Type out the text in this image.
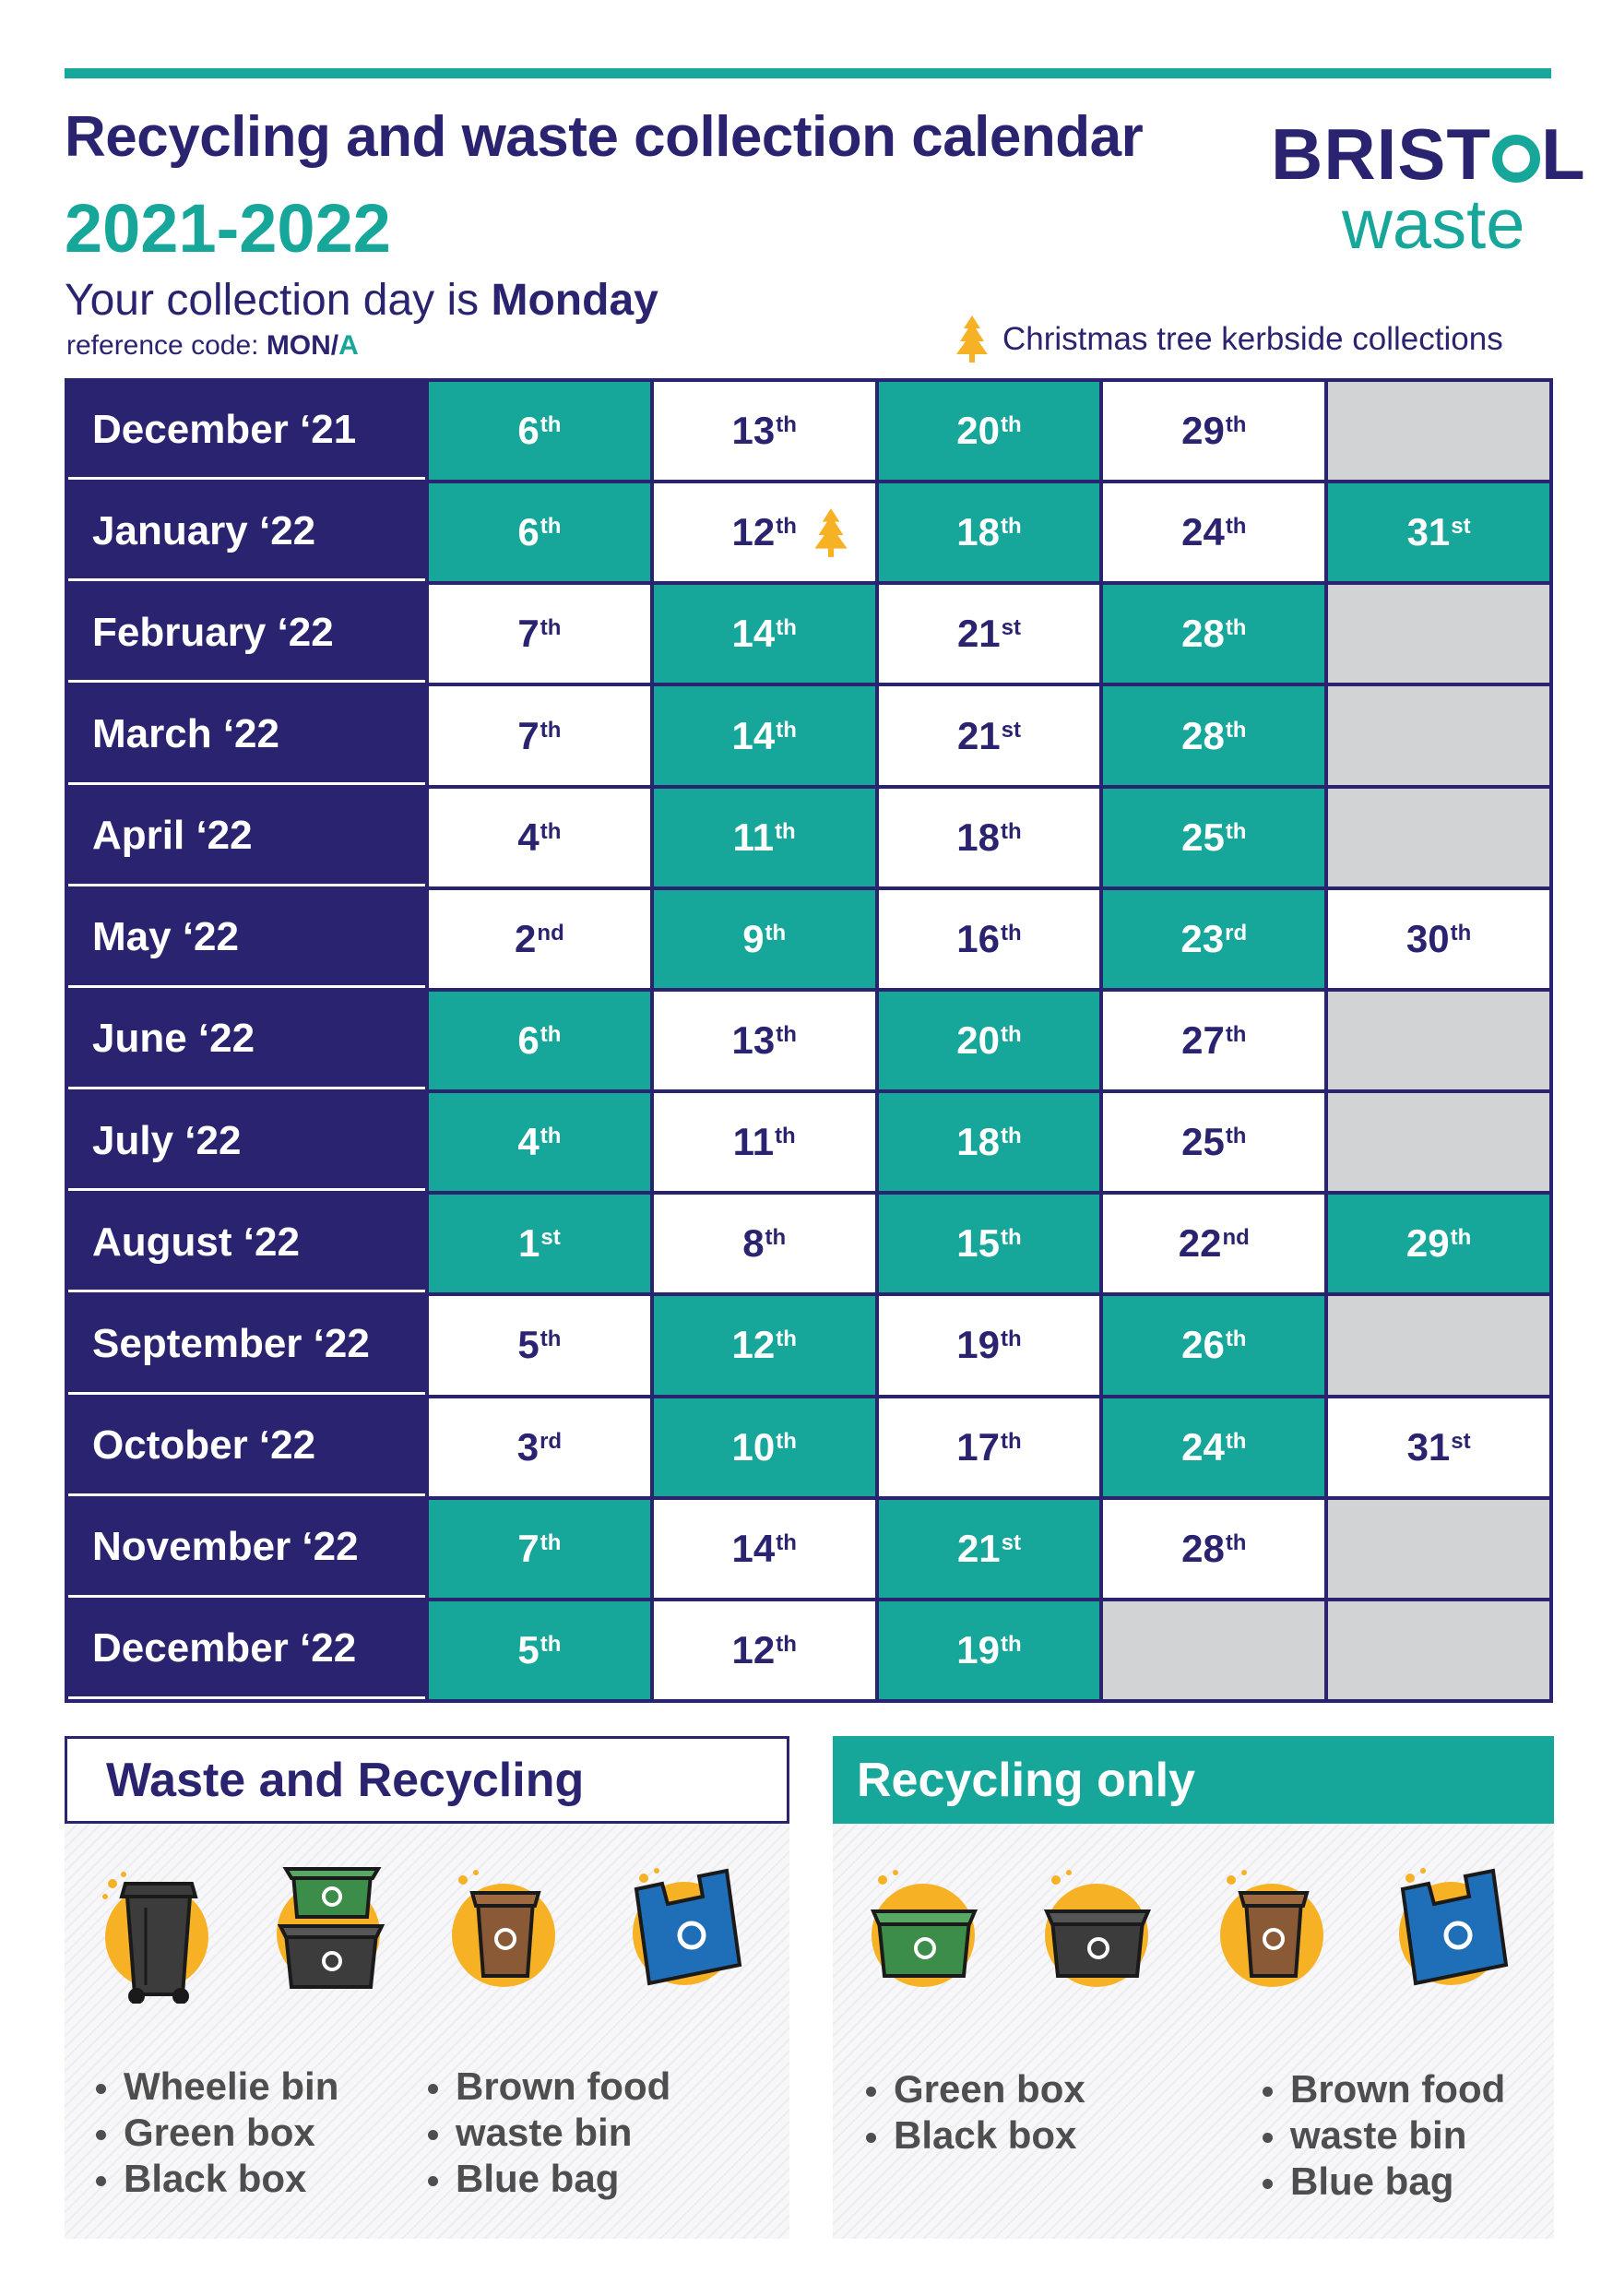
Recycling and waste collection calendar
2021-2022
Your collection day is Monday
reference code: MON/A
BRIST L
waste
Christmas tree kerbside collections
December ‘21	6th	13th	20th	29th
January ‘22	6th	12th	18th	24th	31st
February ‘22	7th	14th	21st	28th
March ‘22	7th	14th	21st	28th
April ‘22	4th	11th	18th	25th
May ‘22	2nd	9th	16th	23rd	30th
June ‘22	6th	13th	20th	27th
July ‘22	4th	11th	18th	25th
August ‘22	1st	8th	15th	22nd	29th
September ‘22	5th	12th	19th	26th
October ‘22	3rd	10th	17th	24th	31st
November ‘22	7th	14th	21st	28th
December ‘22	5th	12th	19th
Waste and Recycling
Wheelie bin
Green box
Black box
Brown food
waste bin
Blue bag
Recycling only
Green box
Black box
Brown food
waste bin
Blue bag
